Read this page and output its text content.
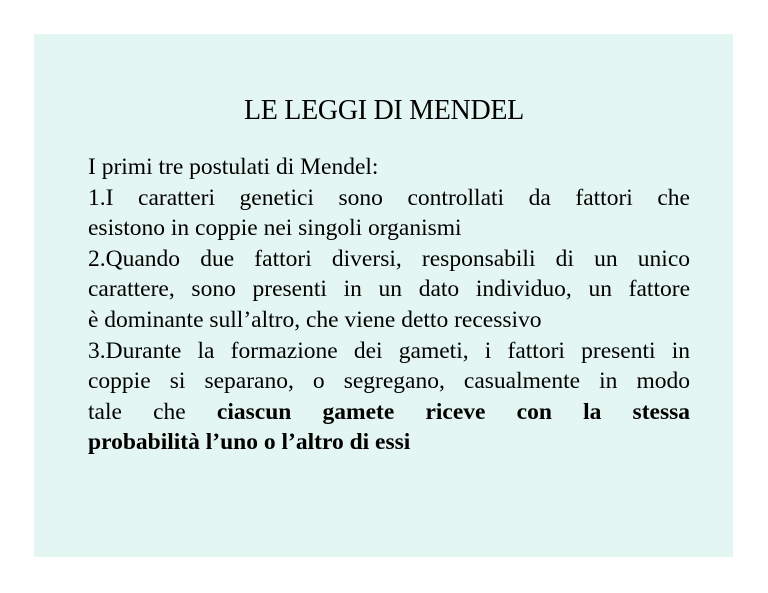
LE LEGGI DI MENDEL
I primi tre postulati di Mendel:
1.I caratteri genetici sono controllati da fattori che
esistono in coppie nei singoli organismi
2.Quando due fattori diversi, responsabili di un unico
carattere, sono presenti in un dato individuo, un fattore
è dominante sull’altro, che viene detto recessivo
3.Durante la formazione dei gameti, i fattori presenti in
coppie si separano, o segregano, casualmente in modo
tale che ciascun gamete riceve con la stessa
probabilità l’uno o l’altro di essi
